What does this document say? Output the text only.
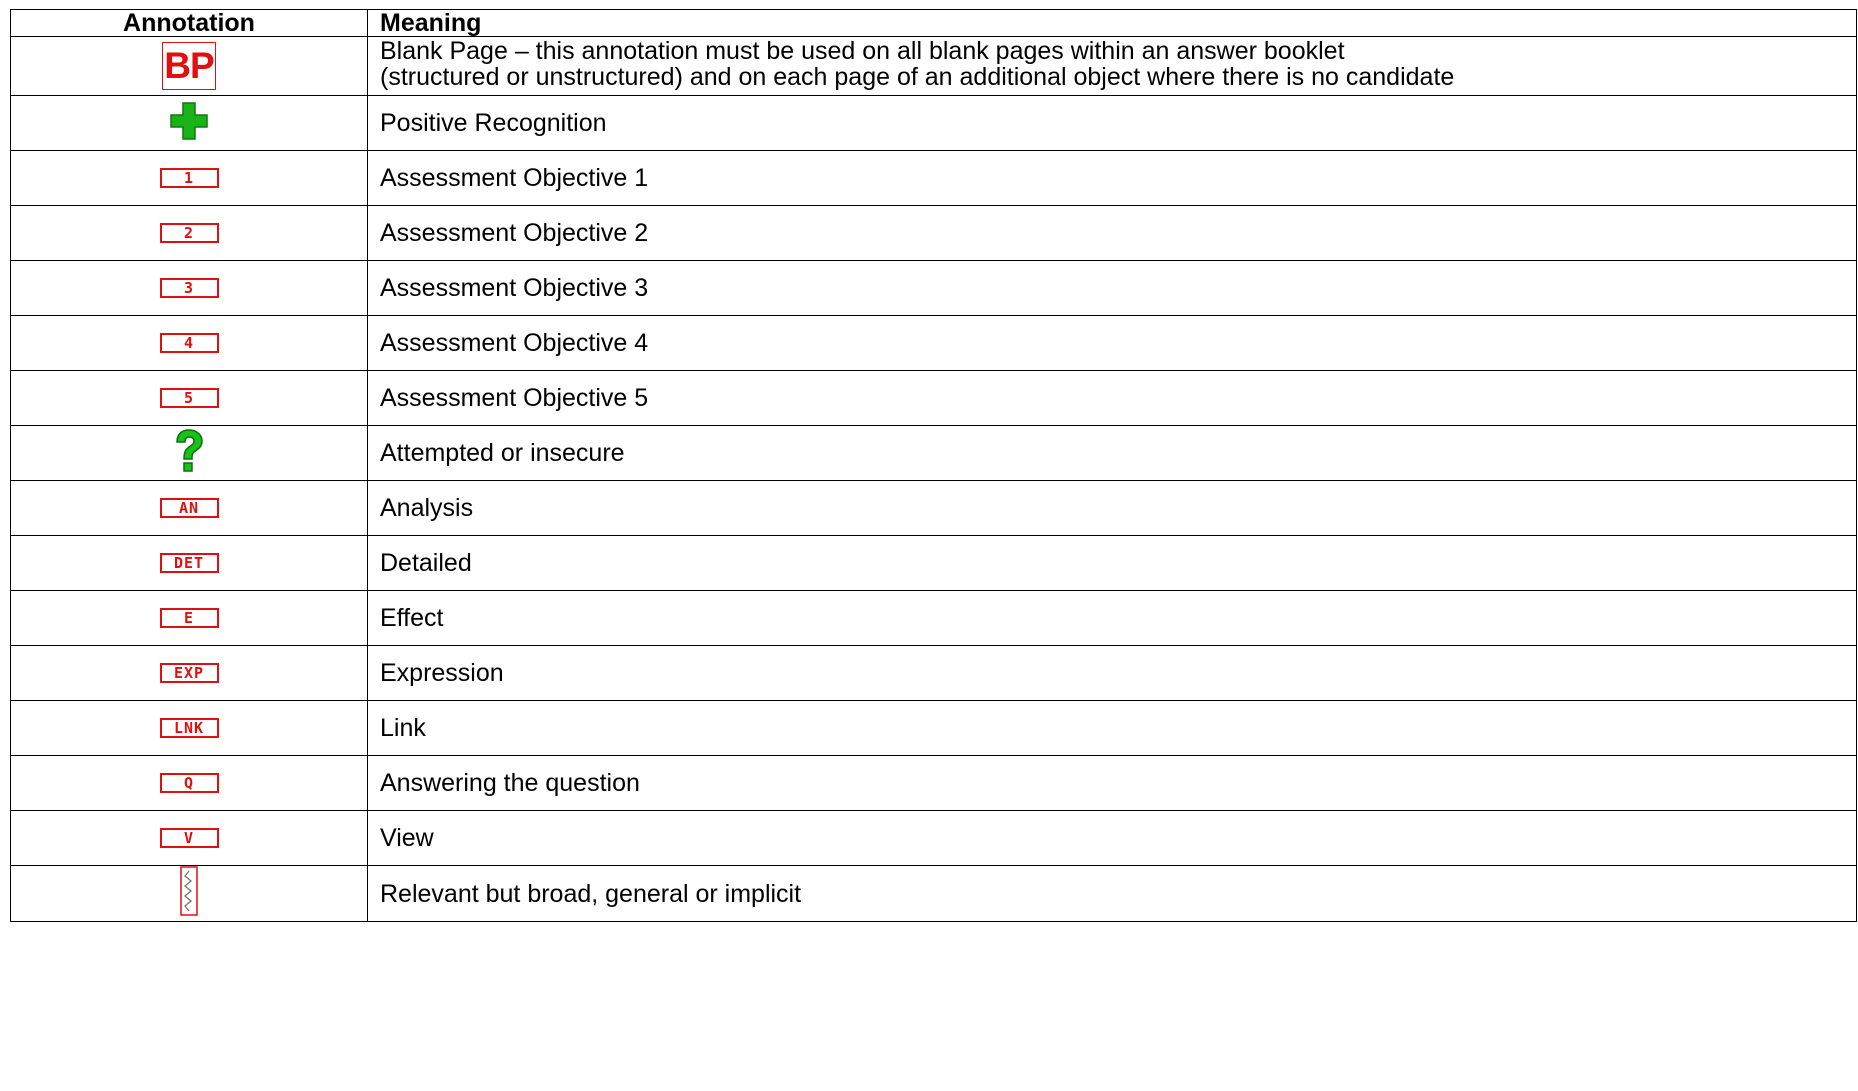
Annotation	Meaning
BP	Blank Page – this annotation must be used on all blank pages within an answer booklet
(structured or unstructured) and on each page of an additional object where there is no candidate

	Positive Recognition
1	Assessment Objective 1
2	Assessment Objective 2
3	Assessment Objective 3
4	Assessment Objective 4
5	Assessment Objective 5
	Attempted or insecure
AN	Analysis
DET	Detailed
E	Effect
EXP	Expression
LNK	Link
Q	Answering the question
V	View
	Relevant but broad, general or implicit
